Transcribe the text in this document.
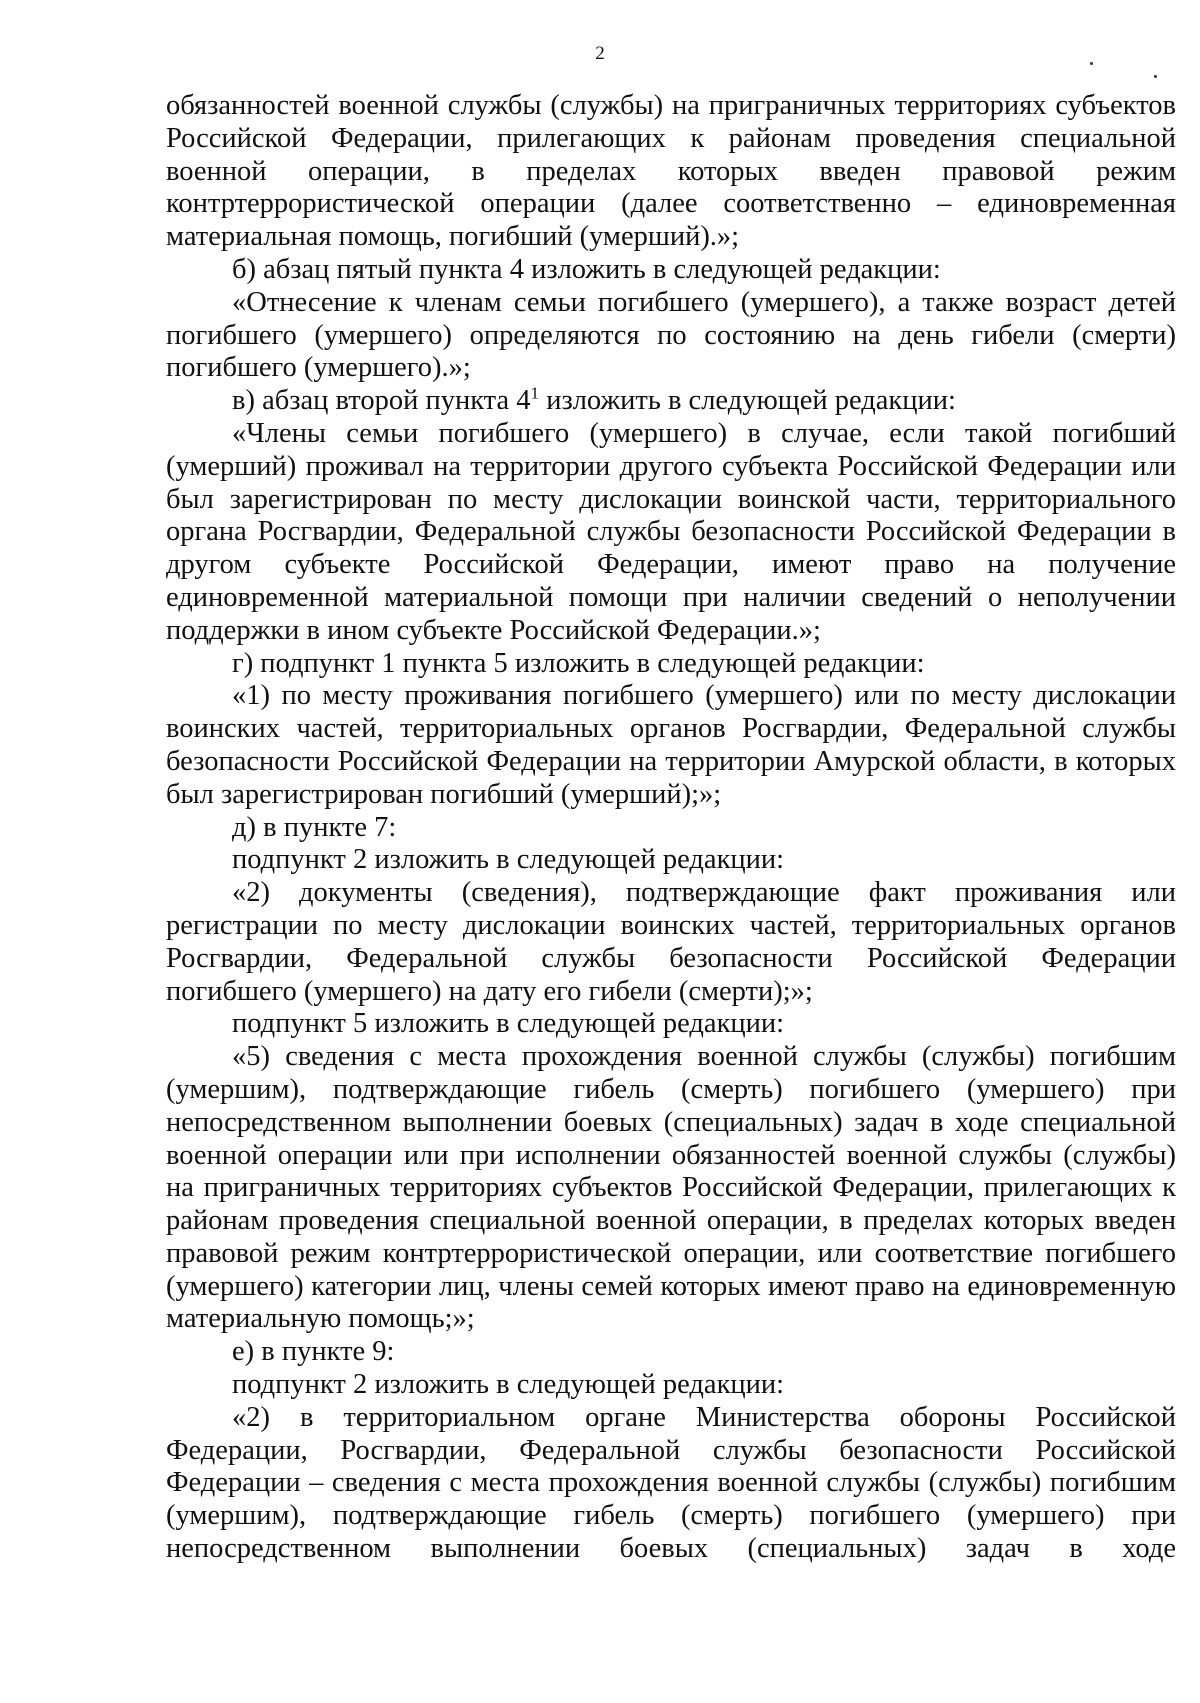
2

обязанностей военной службы (службы) на приграничных территориях субъектов Российской Федерации, прилегающих к районам проведения специальной военной операции, в пределах которых введен правовой режим контртеррористической операции (далее соответственно – единовременная материальная помощь, погибший (умерший).»;

б) абзац пятый пункта 4 изложить в следующей редакции:

«Отнесение к членам семьи погибшего (умершего), а также возраст детей погибшего (умершего) определяются по состоянию на день гибели (смерти) погибшего (умершего).»;

в) абзац второй пункта $4^1$ изложить в следующей редакции:

«Члены семьи погибшего (умершего) в случае, если такой погибший (умерший) проживал на территории другого субъекта Российской Федерации или был зарегистрирован по месту дислокации воинской части, территориального органа Росгвардии, Федеральной службы безопасности Российской Федерации в другом субъекте Российской Федерации, имеют право на получение единовременной материальной помощи при наличии сведений о неполучении поддержки в ином субъекте Российской Федерации.»;

г) подпункт 1 пункта 5 изложить в следующей редакции:

«1) по месту проживания погибшего (умершего) или по месту дислокации воинских частей, территориальных органов Росгвардии, Федеральной службы безопасности Российской Федерации на территории Амурской области, в которых был зарегистрирован погибший (умерший);»;

д) в пункте 7:

подпункт 2 изложить в следующей редакции:

«2) документы (сведения), подтверждающие факт проживания или регистрации по месту дислокации воинских частей, территориальных органов Росгвардии, Федеральной службы безопасности Российской Федерации погибшего (умершего) на дату его гибели (смерти);»;

подпункт 5 изложить в следующей редакции:

«5) сведения с места прохождения военной службы (службы) погибшим (умершим), подтверждающие гибель (смерть) погибшего (умершего) при непосредственном выполнении боевых (специальных) задач в ходе специальной военной операции или при исполнении обязанностей военной службы (службы) на приграничных территориях субъектов Российской Федерации, прилегающих к районам проведения специальной военной операции, в пределах которых введен правовой режим контртеррористической операции, или соответствие погибшего (умершего) категории лиц, члены семей которых имеют право на единовременную материальную помощь;»;

е) в пункте 9:

подпункт 2 изложить в следующей редакции:

«2) в территориальном органе Министерства обороны Российской Федерации, Росгвардии, Федеральной службы безопасности Российской Федерации – сведения с места прохождения военной службы (службы) погибшим (умершим), подтверждающие гибель (смерть) погибшего (умершего) при непосредственном выполнении боевых (специальных) задач в ходе
